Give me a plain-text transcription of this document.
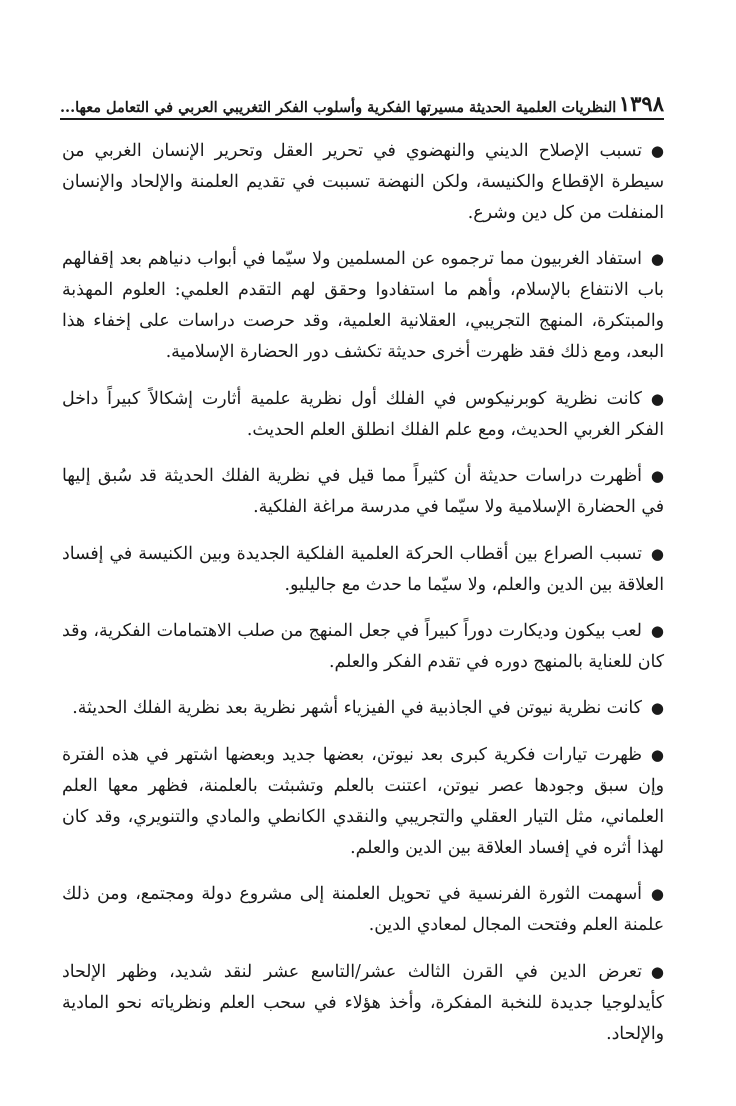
١٣٩٨
النظريات العلمية الحديثة مسيرتها الفكرية وأسلوب الفكر التغريبي العربي في التعامل معها...

●تسبب الإصلاح الديني والنهضوي في تحرير العقل وتحرير الإنسان الغربي من سيطرة الإقطاع والكنيسة، ولكن النهضة تسببت في تقديم العلمنة والإلحاد والإنسان المنفلت من كل دين وشرع.

●استفاد الغربيون مما ترجموه عن المسلمين ولا سيّما في أبواب دنياهم بعد إقفالهم باب الانتفاع بالإسلام، وأهم ما استفادوا وحقق لهم التقدم العلمي: العلوم المهذبة والمبتكرة، المنهج التجريبي، العقلانية العلمية، وقد حرصت دراسات على إخفاء هذا البعد، ومع ذلك فقد ظهرت أخرى حديثة تكشف دور الحضارة الإسلامية.

●كانت نظرية كوبرنيكوس في الفلك أول نظرية علمية أثارت إشكالاً كبيراً داخل الفكر الغربي الحديث، ومع علم الفلك انطلق العلم الحديث.

●أظهرت دراسات حديثة أن كثيراً مما قيل في نظرية الفلك الحديثة قد سُبق إليها في الحضارة الإسلامية ولا سيّما في مدرسة مراغة الفلكية.

●تسبب الصراع بين أقطاب الحركة العلمية الفلكية الجديدة وبين الكنيسة في إفساد العلاقة بين الدين والعلم، ولا سيّما ما حدث مع جاليليو.

●لعب بيكون وديكارت دوراً كبيراً في جعل المنهج من صلب الاهتمامات الفكرية، وقد كان للعناية بالمنهج دوره في تقدم الفكر والعلم.

●كانت نظرية نيوتن في الجاذبية في الفيزياء أشهر نظرية بعد نظرية الفلك الحديثة.

●ظهرت تيارات فكرية كبرى بعد نيوتن، بعضها جديد وبعضها اشتهر في هذه الفترة وإن سبق وجودها عصر نيوتن، اعتنت بالعلم وتشبثت بالعلمنة، فظهر معها العلم العلماني، مثل التيار العقلي والتجريبي والنقدي الكانطي والمادي والتنويري، وقد كان لهذا أثره في إفساد العلاقة بين الدين والعلم.

●أسهمت الثورة الفرنسية في تحويل العلمنة إلى مشروع دولة ومجتمع، ومن ذلك علمنة العلم وفتحت المجال لمعادي الدين.

●تعرض الدين في القرن الثالث عشر/التاسع عشر لنقد شديد، وظهر الإلحاد كأيدلوجيا جديدة للنخبة المفكرة، وأخذ هؤلاء في سحب العلم ونظرياته نحو المادية والإلحاد.
